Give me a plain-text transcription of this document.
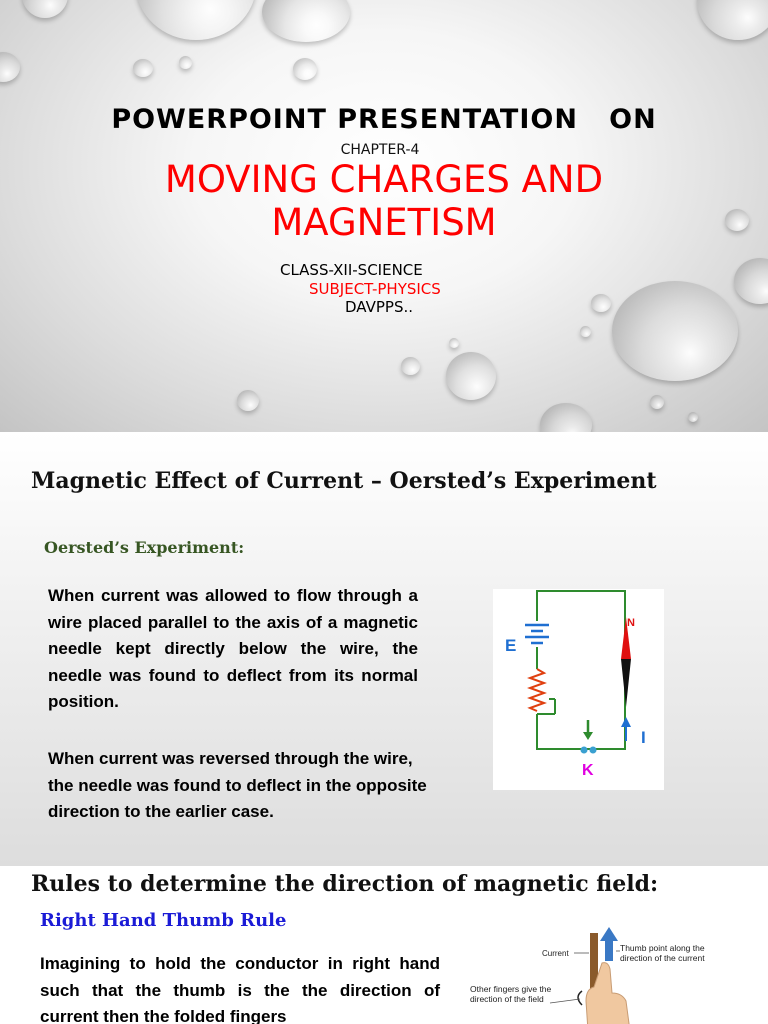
POWERPOINT PRESENTATION   ON
CHAPTER-4
MOVING CHARGES AND
MAGNETISM
CLASS-XII-SCIENCE
SUBJECT-PHYSICS
DAVPPS..
Magnetic Effect of Current – Oersted’s Experiment
Oersted’s Experiment:

When current was allowed to flow through a wire placed parallel to the axis of a magnetic needle kept directly below the wire, the needle was found to deflect from its normal position.

When current was reversed through the wire, the needle was found to deflect in the opposite direction to the earlier case.

E
N
I
K
Rules to determine the direction of magnetic field:
Right Hand Thumb Rule

Imagining to hold the conductor in right hand such that the thumb is the the direction of current then the folded fingers

Current
Thumb point along the
direction of the current
Other fingers give the
direction of the field
